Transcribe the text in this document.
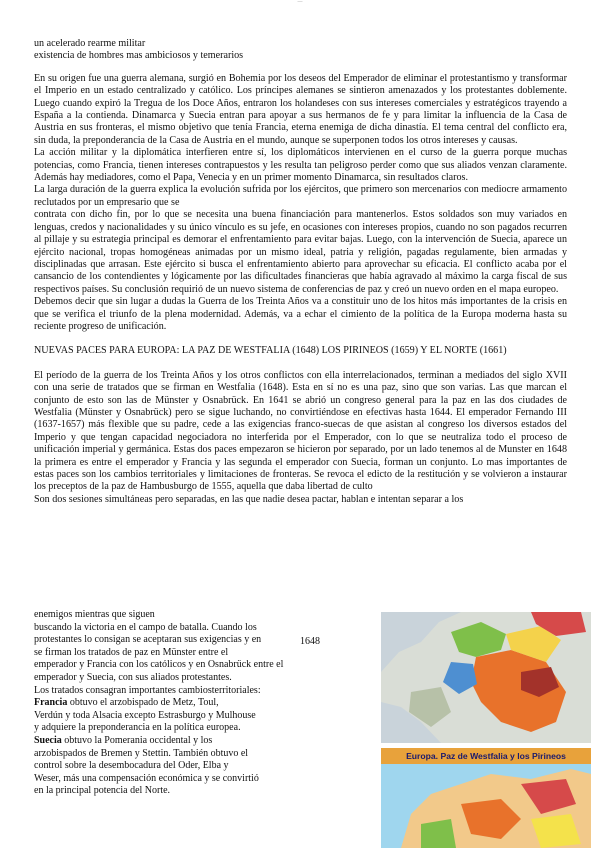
—

un acelerado rearme militar

existencia de hombres mas ambiciosos y temerarios

En su origen fue una guerra alemana, surgió en Bohemia por los deseos del Emperador de eliminar el protestantismo y transformar el Imperio en un estado centralizado y católico. Los príncipes alemanes se sintieron amenazados y los protestantes doblemente. Luego cuando expiró la Tregua de los Doce Años, entraron los holandeses con sus intereses comerciales y estratégicos trayendo a España a la contienda. Dinamarca y Suecia entran para apoyar a sus hermanos de fe y para limitar la influencia de la Casa de Austria en sus fronteras, el mismo objetivo que tenía Francia, eterna enemiga de dicha dinastía. El tema central del conflicto era, sin duda, la preponderancia de la Casa de Austria en el mundo, aunque se superponen todos los otros intereses y causas.

La acción militar y la diplomática interfieren entre sí, los diplomáticos intervienen en el curso de la guerra porque muchas potencias, como Francia, tienen intereses contrapuestos y les resulta tan peligroso perder como que sus aliados venzan claramente. Además hay mediadores, como el Papa, Venecia y en un primer momento Dinamarca, sin resultados claros.

La larga duración de la guerra explica la evolución sufrida por los ejércitos, que primero son mercenarios con mediocre armamento reclutados por un empresario que se

contrata con dicho fin, por lo que se necesita una buena financiación para mantenerlos. Estos soldados son muy variados en lenguas, credos y nacionalidades y su único vínculo es su jefe, en ocasiones con intereses propios, cuando no son pagados recurren al pillaje y su estrategia principal es demorar el enfrentamiento para evitar bajas. Luego, con la intervención de Suecia, aparece un ejército nacional, tropas homogéneas animadas por un mismo ideal, patria y religión, pagadas regulamente, bien armadas y disciplinadas que arrasan. Este ejército si busca el enfrentamiento abierto para aprovechar su eficacia. El conflicto acaba por el cansancio de los contendientes y lógicamente por las dificultades financieras que había agravado al máximo la carga fiscal de sus respectivos países. Su conclusión requirió de un nuevo sistema de conferencias de paz y creó un nuevo orden en el mapa europeo.

Debemos decir que sin lugar a dudas la Guerra de los Treinta Años va a constituir uno de los hitos más importantes de la crisis en que se verifica el triunfo de la plena modernidad. Además, va a echar el cimiento de la política de la Europa moderna hasta su reciente progreso de unificación.

NUEVAS PACES PARA EUROPA: LA PAZ DE WESTFALIA (1648) LOS PIRINEOS (1659) Y EL NORTE (1661)

El período de la guerra de los Treinta Años y los otros conflictos con ella interrelacionados, terminan a mediados del siglo XVII con una serie de tratados que se firman en Westfalia (1648). Esta en sí no es una paz, sino que son varias. Las que marcan el conjunto de esto son las de Münster y Osnabrück. En 1641 se abrió un congreso general para la paz en las dos ciudades de Westfalia (Münster y Osnabrück) pero se sigue luchando, no convirtiéndose en efectivas hasta 1644. El emperador Fernando III (1637-1657) más flexible que su padre, cede a las exigencias franco-suecas de que asistan al congreso los diversos estados del Imperio y que tengan capacidad negociadora no interferida por el Emperador, con lo que se neutraliza todo el proceso de unificación imperial y germánica. Estas dos paces empezaron se hicieron por separado, por un lado tenemos al de Munster en 1648 la primera es entre el emperador y Francia y las segunda el emperador con Suecia, forman un conjunto. Lo mas importantes de estas paces son los cambios territoriales y limitaciones de fronteras. Se revoca el edicto de la restitución y se volvieron a instaurar los preceptos de la paz de Hambusburgo de 1555, aquella que daba libertad de culto

Son dos sesiones simultáneas pero separadas, en las que nadie desea pactar, hablan e intentan separar a los

enemigos mientras que siguen
buscando la victoria en el campo de batalla. Cuando los
protestantes lo consigan se aceptaran sus exigencias y en
se firman los tratados de paz en Münster entre el
emperador y Francia con los católicos y en Osnabrück entre el
emperador y Suecia, con sus aliados protestantes.
Los tratados consagran importantes cambiosterritoriales:
Francia obtuvo el arzobispado de Metz, Toul,
Verdún y toda Alsacia excepto Estrasburgo y Mulhouse
y adquiere la preponderancia en la política europea.
Suecia obtuvo la Pomerania occidental y los
arzobispados de Bremen y Stettin. También obtuvo el
control sobre la desembocadura del Oder, Elba y
Weser, más una compensación económica y se convirtió
en la principal potencia del Norte.
1648
Europa. Paz de Westfalia y los Pirineos
